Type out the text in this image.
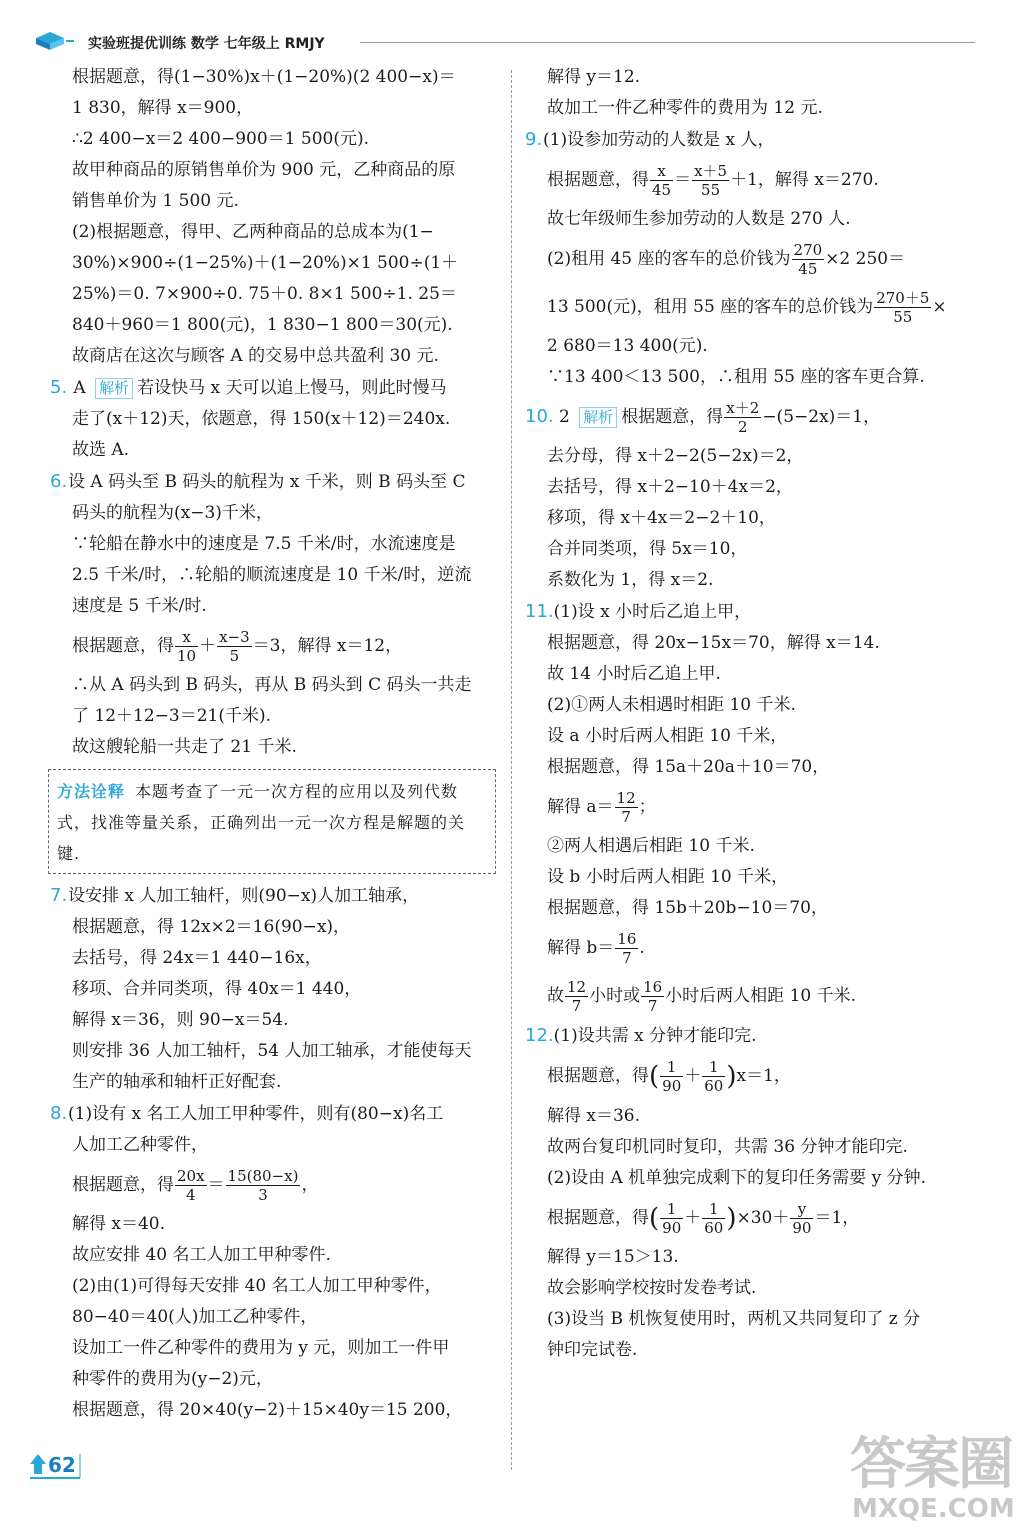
实验班提优训练 数学 七年级上 RMJY
根据题意，得(1−30%)x＋(1−20%)(2 400−x)＝
1 830，解得 x＝900，
∴2 400−x＝2 400−900＝1 500(元).
故甲种商品的原销售单价为 900 元，乙种商品的原
销售单价为 1 500 元.
(2)根据题意，得甲、乙两种商品的总成本为(1−
30%)×900÷(1−25%)＋(1−20%)×1 500÷(1＋
25%)＝0. 7×900÷0. 75＋0. 8×1 500÷1. 25＝
840＋960＝1 800(元)，1 830−1 800＝30(元).
故商店在这次与顾客 A 的交易中总共盈利 30 元.
5. A 解析 若设快马 x 天可以追上慢马，则此时慢马
走了(x＋12)天，依题意，得 150(x＋12)＝240x.
故选 A.
6.设 A 码头至 B 码头的航程为 x 千米，则 B 码头至 C
码头的航程为(x−3)千米，
∵轮船在静水中的速度是 7.5 千米/时，水流速度是
2.5 千米/时，∴轮船的顺流速度是 10 千米/时，逆流
速度是 5 千米/时.
根据题意，得 $\frac{x}{10} + \frac{x-3}{5} =3$，解得 x＝12，
∴从 A 码头到 B 码头，再从 B 码头到 C 码头一共走
了 12＋12−3＝21(千米).
故这艘轮船一共走了 21 千米.
方法诠释 本题考查了一元一次方程的应用以及列代数式，找准等量关系，正确列出一元一次方程是解题的关键.
7.设安排 x 人加工轴杆，则(90−x)人加工轴承，
根据题意，得 12x×2＝16(90−x)，
去括号，得 24x＝1 440−16x，
移项、合并同类项，得 40x＝1 440，
解得 x＝36，则 90−x＝54.
则安排 36 人加工轴杆，54 人加工轴承，才能使每天
生产的轴承和轴杆正好配套.
8.(1)设有 x 名工人加工甲种零件，则有(80−x)名工
人加工乙种零件，
根据题意，得 $\frac{20x}{4} = \frac{15(80-x)}{3}$ ，
解得 x＝40.
故应安排 40 名工人加工甲种零件.
(2)由(1)可得每天安排 40 名工人加工甲种零件，
80−40＝40(人)加工乙种零件，
设加工一件乙种零件的费用为 y 元，则加工一件甲
种零件的费用为(y−2)元，
根据题意，得 20×40(y−2)＋15×40y＝15 200，
解得 y＝12.
故加工一件乙种零件的费用为 12 元.
9.(1)设参加劳动的人数是 x 人，
根据题意，得 $\frac{x}{45} = \frac{x+5}{55} +1$，解得 x＝270.
故七年级师生参加劳动的人数是 270 人.
(2)租用 45 座的客车的总价钱为 $\frac{270}{45} \times 2$ 250＝
13 500(元)，租用 55 座的客车的总价钱为 $\frac{270+5}{55}$ ×
2 680＝13 400(元).
∵13 400＜13 500，∴租用 55 座的客车更合算.
10. 2 解析 根据题意，得 $\frac{x+2}{2} -(5-2x)=1$，
去分母，得 x＋2−2(5−2x)＝2，
去括号，得 x＋2−10＋4x＝2，
移项，得 x＋4x＝2−2＋10，
合并同类项，得 5x＝10，
系数化为 1，得 x＝2.
11.(1)设 x 小时后乙追上甲，
根据题意，得 20x−15x＝70，解得 x＝14.
故 14 小时后乙追上甲.
(2)①两人未相遇时相距 10 千米.
设 a 小时后两人相距 10 千米，
根据题意，得 15a＋20a＋10＝70，
解得 $a= \frac{12}{7}$ ；
②两人相遇后相距 10 千米.
设 b 小时后两人相距 10 千米，
根据题意，得 15b＋20b−10＝70，
解得 $b= \frac{16}{7}$ .
故 $\frac{12}{7}$ 小时或 $\frac{16}{7}$ 小时后两人相距 10 千米.
12.(1)设共需 x 分钟才能印完.
根据题意，得( $\frac{1}{90} + \frac{1}{60} )x=1$，
解得 x＝36.
故两台复印机同时复印，共需 36 分钟才能印完.
(2)设由 A 机单独完成剩下的复印任务需要 y 分钟.
根据题意，得( $\frac{1}{90} + \frac{1}{60} )\times 30+ \frac{y}{90} =1$，
解得 y＝15＞13.
故会影响学校按时发卷考试.
(3)设当 B 机恢复使用时，两机又共同复印了 z 分
钟印完试卷.
62	答案圈
MXQE.COM
